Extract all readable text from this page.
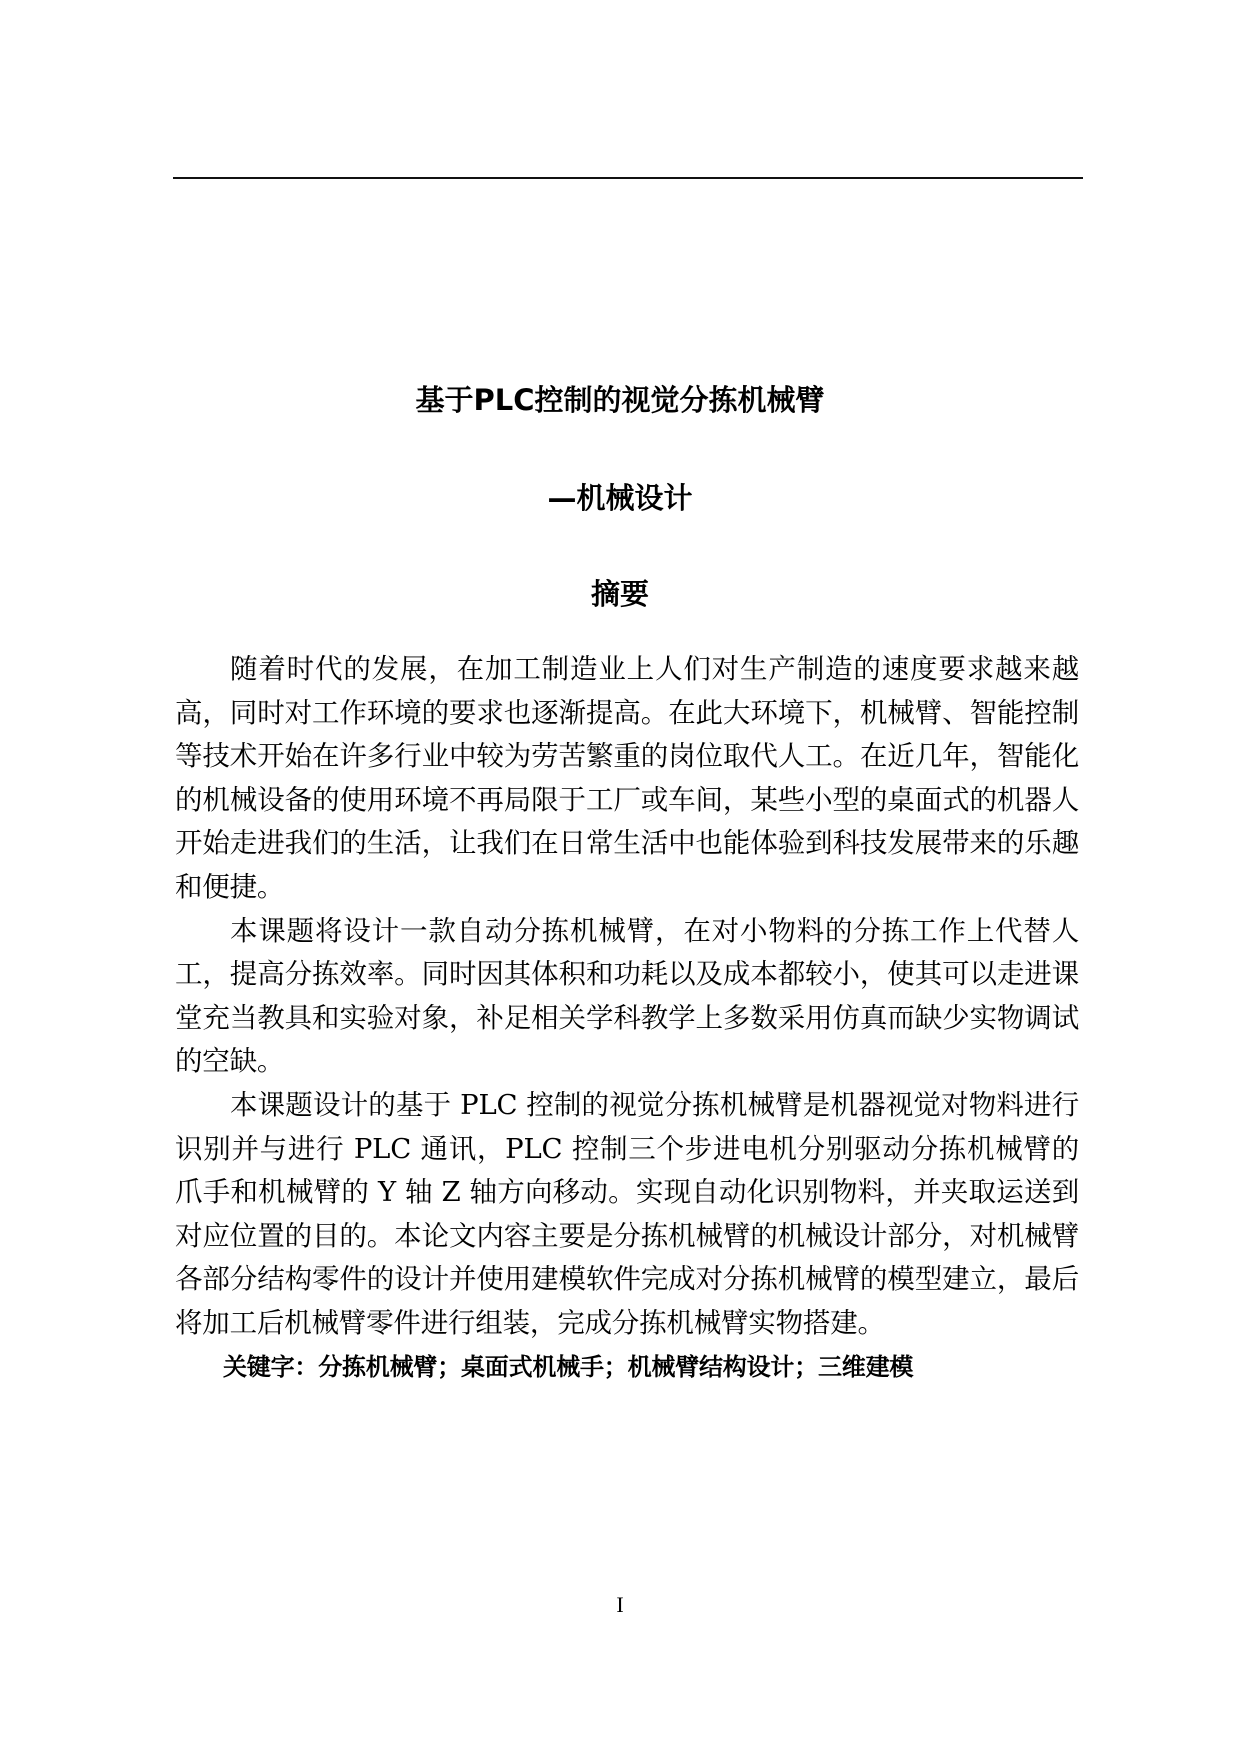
基于PLC控制的视觉分拣机械臂
—机械设计
摘要

随着时代的发展，在加工制造业上人们对生产制造的速度要求越来越高，同时对工作环境的要求也逐渐提高。在此大环境下，机械臂、智能控制等技术开始在许多行业中较为劳苦繁重的岗位取代人工。在近几年，智能化的机械设备的使用环境不再局限于工厂或车间，某些小型的桌面式的机器人开始走进我们的生活，让我们在日常生活中也能体验到科技发展带来的乐趣和便捷。

本课题将设计一款自动分拣机械臂，在对小物料的分拣工作上代替人工，提高分拣效率。同时因其体积和功耗以及成本都较小，使其可以走进课堂充当教具和实验对象，补足相关学科教学上多数采用仿真而缺少实物调试的空缺。

本课题设计的基于 PLC 控制的视觉分拣机械臂是机器视觉对物料进行识别并与进行 PLC 通讯，PLC 控制三个步进电机分别驱动分拣机械臂的爪手和机械臂的 Y 轴 Z 轴方向移动。实现自动化识别物料，并夹取运送到对应位置的目的。本论文内容主要是分拣机械臂的机械设计部分，对机械臂各部分结构零件的设计并使用建模软件完成对分拣机械臂的模型建立，最后将加工后机械臂零件进行组装，完成分拣机械臂实物搭建。

关键字：分拣机械臂；桌面式机械手；机械臂结构设计；三维建模

I
